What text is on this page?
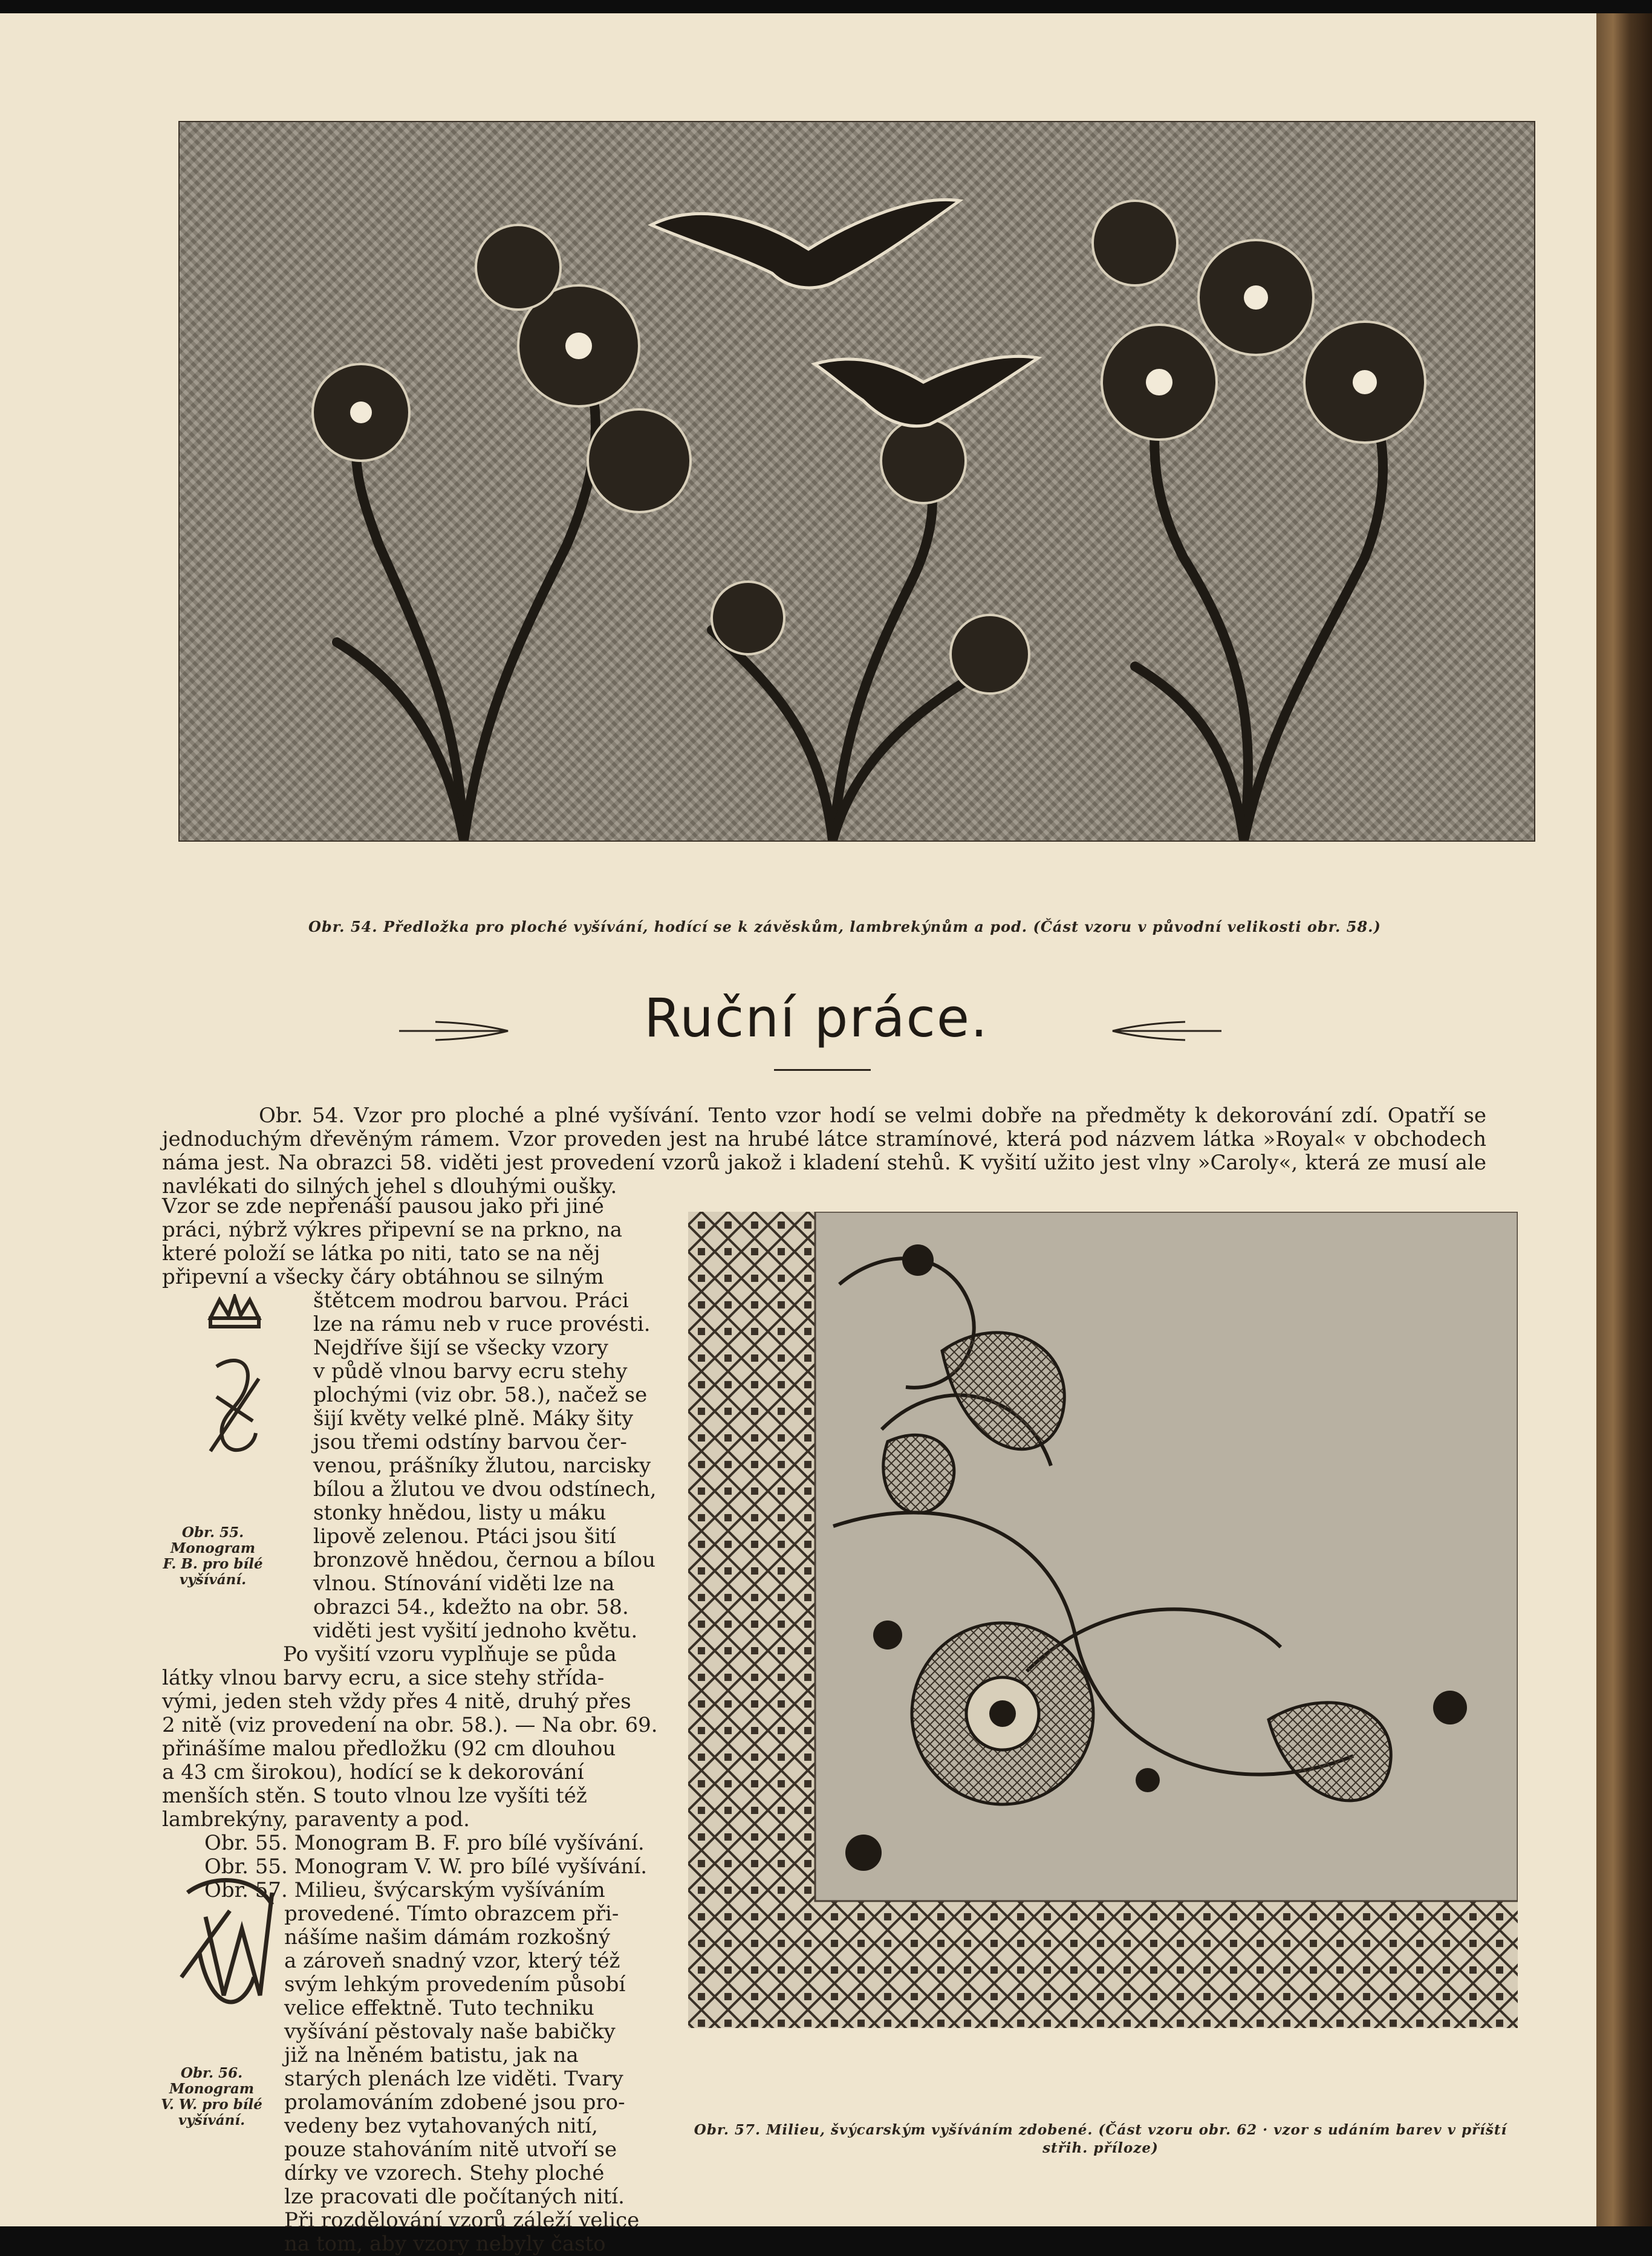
Obr. 54. Předložka pro ploché vyšívání, hodící se k závěskům, lambrekýnům a pod. (Část vzoru v původní velikosti obr. 58.)
Ruční práce.

Obr. 54. Vzor pro ploché a plné vyšívání. Tento vzor hodí se velmi dobře na předměty k dekorování zdí. Opatří se jednoduchým dřevěným rámem. Vzor proveden jest na hrubé látce stramínové, která pod názvem látka »Royal« v obchodech náma jest. Na obrazci 58. viděti jest provedení vzorů jakož i kladení stehů. K vyšití užito jest vlny »Caroly«, která ze musí ale navlékati do silných jehel s dlouhými oušky.

Vzor se zde nepřenáší pausou jako při jiné
práci, nýbrž výkres připevní se na prkno, na
které položí se látka po niti, tato se na něj
připevní a všecky čáry obtáhnou se silným
štětcem modrou barvou. Práci
lze na rámu neb v ruce provésti.
Nejdříve šijí se všecky vzory
v půdě vlnou barvy ecru stehy
plochými (viz obr. 58.), načež se
šijí květy velké plně. Máky šity
jsou třemi odstíny barvou čer-
venou, prášníky žlutou, narcisky
bílou a žlutou ve dvou odstínech,
stonky hnědou, listy u máku
lipově zelenou. Ptáci jsou šití
bronzově hnědou, černou a bílou
vlnou. Stínování viděti lze na
obrazci 54., kdežto na obr. 58.
viděti jest vyšití jednoho květu.
Po vyšití vzoru vyplňuje se půda
látky vlnou barvy ecru, a sice stehy střída-
vými, jeden steh vždy přes 4 nitě, druhý přes
2 nitě (viz provedení na obr. 58.). — Na obr. 69.
přinášíme malou předložku (92 cm dlouhou
a 43 cm širokou), hodící se k dekorování
menších stěn. S touto vlnou lze vyšíti též
lambrekýny, paraventy a pod.
Obr. 55. Monogram B. F. pro bílé vyšívání.
Obr. 55. Monogram V. W. pro bílé vyšívání.
Obr. 57. Milieu, švýcarským vyšíváním
provedené. Tímto obrazcem při-
nášíme našim dámám rozkošný
a zároveň snadný vzor, který též
svým lehkým provedením působí
velice effektně. Tuto techniku
vyšívání pěstovaly naše babičky
již na lněném batistu, jak na
starých plenách lze viděti. Tvary
prolamováním zdobené jsou pro-
vedeny bez vytahovaných nití,
pouze stahováním nitě utvoří se
dírky ve vzorech. Stehy ploché
lze pracovati dle počítaných nití.
Při rozdělování vzorů záleží velice
na tom, aby vzory nebyly často
Obr. 55.
Monogram
F. B. pro bílé
vyšívání.
Obr. 56.
Monogram
V. W. pro bílé
vyšívání.
Obr. 57. Milieu, švýcarským vyšíváním zdobené. (Část vzoru obr. 62 · vzor s udáním barev v příští
střih. příloze)
